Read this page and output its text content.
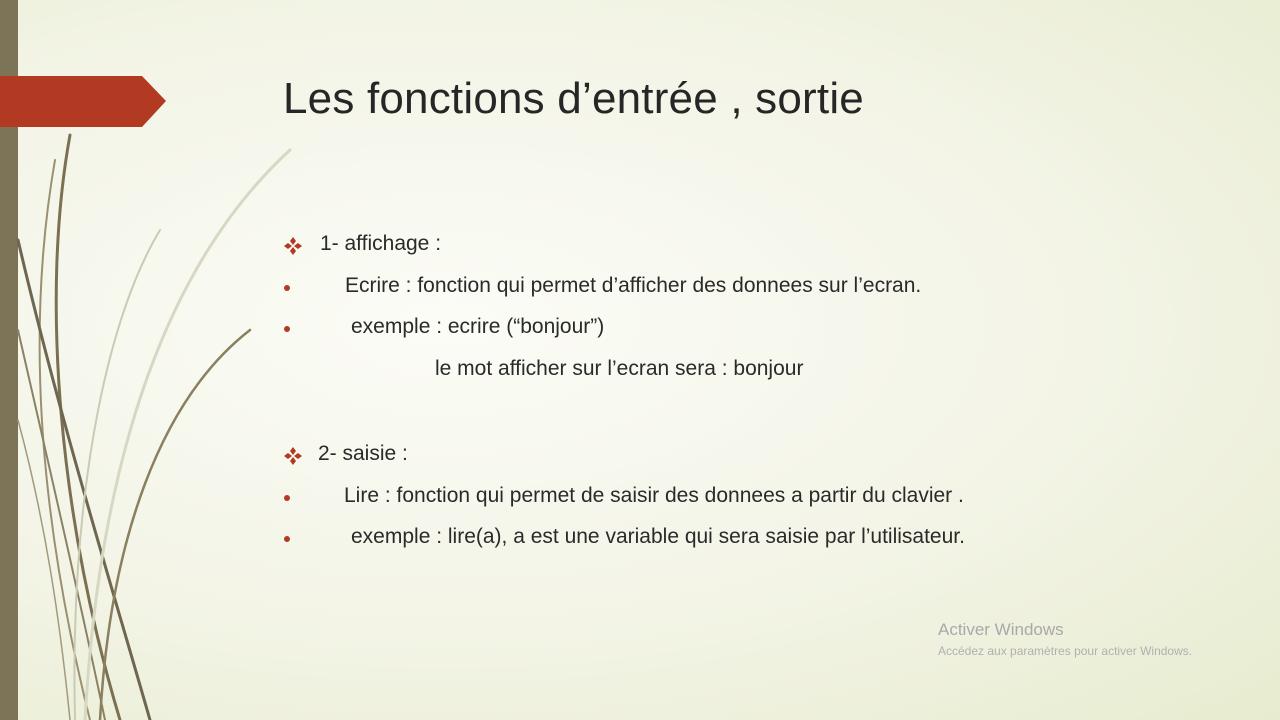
Les fonctions d’entrée , sortie
1- affichage :
Ecrire : fonction qui permet d’afficher des donnees sur l’ecran.
exemple : ecrire (“bonjour”)
le mot afficher sur l’ecran sera : bonjour
2- saisie :
Lire : fonction qui permet de saisir des donnees a partir du clavier .
exemple : lire(a), a est une variable qui sera saisie par l’utilisateur.
Activer Windows
Accédez aux paramètres pour activer Windows.
